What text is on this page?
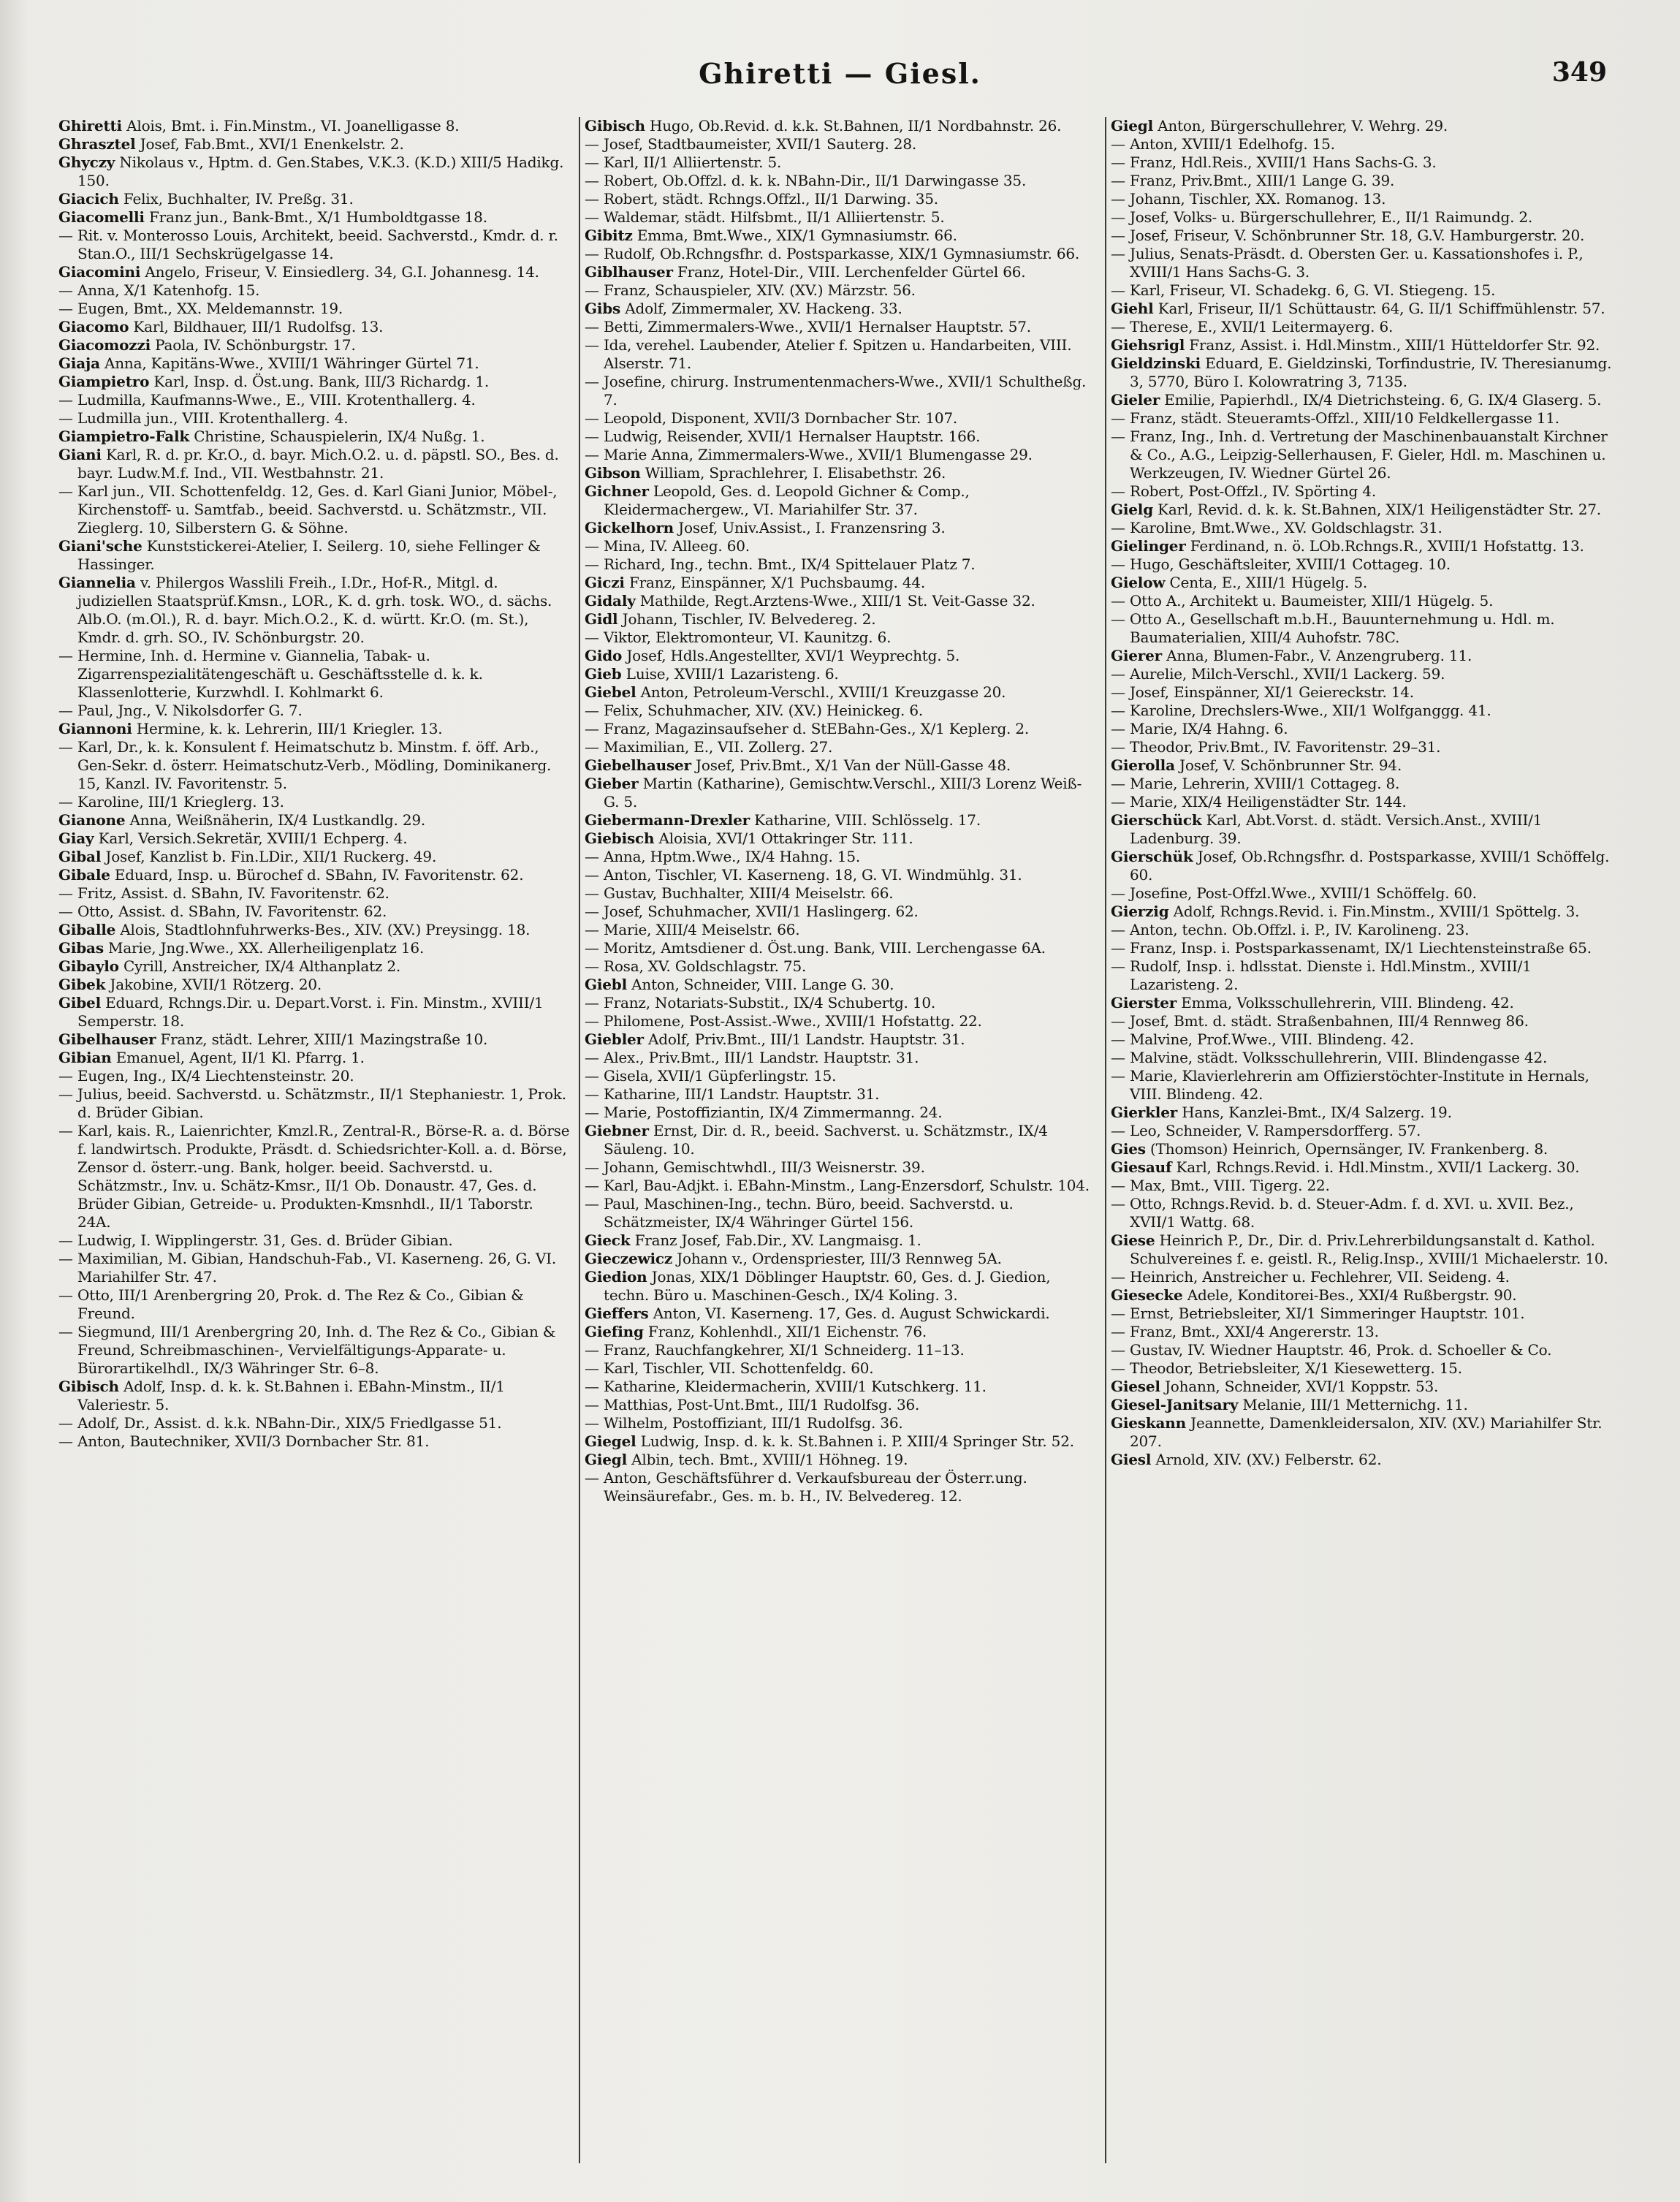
Ghiretti — Giesl.	349
Ghiretti Alois, Bmt. i. Fin.Minstm., VI. Joanelligasse 8.
Ghrasztel Josef, Fab.Bmt., XVI/1 Enenkelstr. 2.
Ghyczy Nikolaus v., Hptm. d. Gen.Stabes, V.K.3. (K.D.) XIII/5 Hadikg. 150.
Giacich Felix, Buchhalter, IV. Preßg. 31.
Giacomelli Franz jun., Bank-Bmt., X/1 Humboldtgasse 18.
— Rit. v. Monterosso Louis, Architekt, beeid. Sachverstd., Kmdr. d. r. Stan.O., III/1 Sechskrügelgasse 14.
Giacomini Angelo, Friseur, V. Einsiedlerg. 34, G.I. Johannesg. 14.
— Anna, X/1 Katenhofg. 15.
— Eugen, Bmt., XX. Meldemannstr. 19.
Giacomo Karl, Bildhauer, III/1 Rudolfsg. 13.
Giacomozzi Paola, IV. Schönburgstr. 17.
Giaja Anna, Kapitäns-Wwe., XVIII/1 Währinger Gürtel 71.
Giampietro Karl, Insp. d. Öst.ung. Bank, III/3 Richardg. 1.
— Ludmilla, Kaufmanns-Wwe., E., VIII. Krotenthallerg. 4.
— Ludmilla jun., VIII. Krotenthallerg. 4.
Giampietro-Falk Christine, Schauspielerin, IX/4 Nußg. 1.
Giani Karl, R. d. pr. Kr.O., d. bayr. Mich.O.2. u. d. päpstl. SO., Bes. d. bayr. Ludw.M.f. Ind., VII. Westbahnstr. 21.
— Karl jun., VII. Schottenfeldg. 12, Ges. d. Karl Giani Junior, Möbel-, Kirchenstoff- u. Samtfab., beeid. Sachverstd. u. Schätzmstr., VII. Zieglerg. 10, Silberstern G. & Söhne.
Giani'sche Kunststickerei-Atelier, I. Seilerg. 10, siehe Fellinger & Hassinger.
Giannelia v. Philergos Wasslili Freih., I.Dr., Hof-R., Mitgl. d. judiziellen Staatsprüf.Kmsn., LOR., K. d. grh. tosk. WO., d. sächs. Alb.O. (m.Ol.), R. d. bayr. Mich.O.2., K. d. württ. Kr.O. (m. St.), Kmdr. d. grh. SO., IV. Schönburgstr. 20.
— Hermine, Inh. d. Hermine v. Giannelia, Tabak- u. Zigarrenspezialitätengeschäft u. Geschäftsstelle d. k. k. Klassenlotterie, Kurzwhdl. I. Kohlmarkt 6.
— Paul, Jng., V. Nikolsdorfer G. 7.
Giannoni Hermine, k. k. Lehrerin, III/1 Kriegler. 13.
— Karl, Dr., k. k. Konsulent f. Heimatschutz b. Minstm. f. öff. Arb., Gen-Sekr. d. österr. Heimatschutz-Verb., Mödling, Dominikanerg. 15, Kanzl. IV. Favoritenstr. 5.
— Karoline, III/1 Krieglerg. 13.
Gianone Anna, Weißnäherin, IX/4 Lustkandlg. 29.
Giay Karl, Versich.Sekretär, XVIII/1 Echperg. 4.
Gibal Josef, Kanzlist b. Fin.LDir., XII/1 Ruckerg. 49.
Gibale Eduard, Insp. u. Bürochef d. SBahn, IV. Favoritenstr. 62.
— Fritz, Assist. d. SBahn, IV. Favoritenstr. 62.
— Otto, Assist. d. SBahn, IV. Favoritenstr. 62.
Giballe Alois, Stadtlohnfuhrwerks-Bes., XIV. (XV.) Preysingg. 18.
Gibas Marie, Jng.Wwe., XX. Allerheiligenplatz 16.
Gibaylo Cyrill, Anstreicher, IX/4 Althanplatz 2.
Gibek Jakobine, XVII/1 Rötzerg. 20.
Gibel Eduard, Rchngs.Dir. u. Depart.Vorst. i. Fin. Minstm., XVIII/1 Semperstr. 18.
Gibelhauser Franz, städt. Lehrer, XIII/1 Mazingstraße 10.
Gibian Emanuel, Agent, II/1 Kl. Pfarrg. 1.
— Eugen, Ing., IX/4 Liechtensteinstr. 20.
— Julius, beeid. Sachverstd. u. Schätzmstr., II/1 Stephaniestr. 1, Prok. d. Brüder Gibian.
— Karl, kais. R., Laienrichter, Kmzl.R., Zentral-R., Börse-R. a. d. Börse f. landwirtsch. Produkte, Präsdt. d. Schiedsrichter-Koll. a. d. Börse, Zensor d. österr.-ung. Bank, holger. beeid. Sachverstd. u. Schätzmstr., Inv. u. Schätz-Kmsr., II/1 Ob. Donaustr. 47, Ges. d. Brüder Gibian, Getreide- u. Produkten-Kmsnhdl., II/1 Taborstr. 24A.
— Ludwig, I. Wipplingerstr. 31, Ges. d. Brüder Gibian.
— Maximilian, M. Gibian, Handschuh-Fab., VI. Kaserneng. 26, G. VI. Mariahilfer Str. 47.
— Otto, III/1 Arenbergring 20, Prok. d. The Rez & Co., Gibian & Freund.
— Siegmund, III/1 Arenbergring 20, Inh. d. The Rez & Co., Gibian & Freund, Schreibmaschinen-, Vervielfältigungs-Apparate- u. Bürorartikelhdl., IX/3 Währinger Str. 6–8.
Gibisch Adolf, Insp. d. k. k. St.Bahnen i. EBahn-Minstm., II/1 Valeriestr. 5.
— Adolf, Dr., Assist. d. k.k. NBahn-Dir., XIX/5 Friedlgasse 51.
— Anton, Bautechniker, XVII/3 Dornbacher Str. 81.
Gibisch Hugo, Ob.Revid. d. k.k. St.Bahnen, II/1 Nordbahnstr. 26.
— Josef, Stadtbaumeister, XVII/1 Sauterg. 28.
— Karl, II/1 Alliiertenstr. 5.
— Robert, Ob.Offzl. d. k. k. NBahn-Dir., II/1 Darwingasse 35.
— Robert, städt. Rchngs.Offzl., II/1 Darwing. 35.
— Waldemar, städt. Hilfsbmt., II/1 Alliiertenstr. 5.
Gibitz Emma, Bmt.Wwe., XIX/1 Gymnasiumstr. 66.
— Rudolf, Ob.Rchngsfhr. d. Postsparkasse, XIX/1 Gymnasiumstr. 66.
Giblhauser Franz, Hotel-Dir., VIII. Lerchenfelder Gürtel 66.
— Franz, Schauspieler, XIV. (XV.) Märzstr. 56.
Gibs Adolf, Zimmermaler, XV. Hackeng. 33.
— Betti, Zimmermalers-Wwe., XVII/1 Hernalser Hauptstr. 57.
— Ida, verehel. Laubender, Atelier f. Spitzen u. Handarbeiten, VIII. Alserstr. 71.
— Josefine, chirurg. Instrumentenmachers-Wwe., XVII/1 Schultheßg. 7.
— Leopold, Disponent, XVII/3 Dornbacher Str. 107.
— Ludwig, Reisender, XVII/1 Hernalser Hauptstr. 166.
— Marie Anna, Zimmermalers-Wwe., XVII/1 Blumengasse 29.
Gibson William, Sprachlehrer, I. Elisabethstr. 26.
Gichner Leopold, Ges. d. Leopold Gichner & Comp., Kleidermachergew., VI. Mariahilfer Str. 37.
Gickelhorn Josef, Univ.Assist., I. Franzensring 3.
— Mina, IV. Alleeg. 60.
— Richard, Ing., techn. Bmt., IX/4 Spittelauer Platz 7.
Giczi Franz, Einspänner, X/1 Puchsbaumg. 44.
Gidaly Mathilde, Regt.Arztens-Wwe., XIII/1 St. Veit-Gasse 32.
Gidl Johann, Tischler, IV. Belvedereg. 2.
— Viktor, Elektromonteur, VI. Kaunitzg. 6.
Gido Josef, Hdls.Angestellter, XVI/1 Weyprechtg. 5.
Gieb Luise, XVIII/1 Lazaristeng. 6.
Giebel Anton, Petroleum-Verschl., XVIII/1 Kreuzgasse 20.
— Felix, Schuhmacher, XIV. (XV.) Heinickeg. 6.
— Franz, Magazinsaufseher d. StEBahn-Ges., X/1 Keplerg. 2.
— Maximilian, E., VII. Zollerg. 27.
Giebelhauser Josef, Priv.Bmt., X/1 Van der Nüll-Gasse 48.
Gieber Martin (Katharine), Gemischtw.Verschl., XIII/3 Lorenz Weiß-G. 5.
Giebermann-Drexler Katharine, VIII. Schlösselg. 17.
Giebisch Aloisia, XVI/1 Ottakringer Str. 111.
— Anna, Hptm.Wwe., IX/4 Hahng. 15.
— Anton, Tischler, VI. Kaserneng. 18, G. VI. Windmühlg. 31.
— Gustav, Buchhalter, XIII/4 Meiselstr. 66.
— Josef, Schuhmacher, XVII/1 Haslingerg. 62.
— Marie, XIII/4 Meiselstr. 66.
— Moritz, Amtsdiener d. Öst.ung. Bank, VIII. Lerchengasse 6A.
— Rosa, XV. Goldschlagstr. 75.
Giebl Anton, Schneider, VIII. Lange G. 30.
— Franz, Notariats-Substit., IX/4 Schubertg. 10.
— Philomene, Post-Assist.-Wwe., XVIII/1 Hofstattg. 22.
Giebler Adolf, Priv.Bmt., III/1 Landstr. Hauptstr. 31.
— Alex., Priv.Bmt., III/1 Landstr. Hauptstr. 31.
— Gisela, XVII/1 Güpferlingstr. 15.
— Katharine, III/1 Landstr. Hauptstr. 31.
— Marie, Postoffiziantin, IX/4 Zimmermanng. 24.
Giebner Ernst, Dir. d. R., beeid. Sachverst. u. Schätzmstr., IX/4 Säuleng. 10.
— Johann, Gemischtwhdl., III/3 Weisnerstr. 39.
— Karl, Bau-Adjkt. i. EBahn-Minstm., Lang-Enzersdorf, Schulstr. 104.
— Paul, Maschinen-Ing., techn. Büro, beeid. Sachverstd. u. Schätzmeister, IX/4 Währinger Gürtel 156.
Gieck Franz Josef, Fab.Dir., XV. Langmaisg. 1.
Gieczewicz Johann v., Ordenspriester, III/3 Rennweg 5A.
Giedion Jonas, XIX/1 Döblinger Hauptstr. 60, Ges. d. J. Giedion, techn. Büro u. Maschinen-Gesch., IX/4 Koling. 3.
Gieffers Anton, VI. Kaserneng. 17, Ges. d. August Schwickardi.
Giefing Franz, Kohlenhdl., XII/1 Eichenstr. 76.
— Franz, Rauchfangkehrer, XI/1 Schneiderg. 11–13.
— Karl, Tischler, VII. Schottenfeldg. 60.
— Katharine, Kleidermacherin, XVIII/1 Kutschkerg. 11.
— Matthias, Post-Unt.Bmt., III/1 Rudolfsg. 36.
— Wilhelm, Postoffiziant, III/1 Rudolfsg. 36.
Giegel Ludwig, Insp. d. k. k. St.Bahnen i. P. XIII/4 Springer Str. 52.
Giegl Albin, tech. Bmt., XVIII/1 Höhneg. 19.
— Anton, Geschäftsführer d. Verkaufsbureau der Österr.ung. Weinsäurefabr., Ges. m. b. H., IV. Belvedereg. 12.
Giegl Anton, Bürgerschullehrer, V. Wehrg. 29.
— Anton, XVIII/1 Edelhofg. 15.
— Franz, Hdl.Reis., XVIII/1 Hans Sachs-G. 3.
— Franz, Priv.Bmt., XIII/1 Lange G. 39.
— Johann, Tischler, XX. Romanog. 13.
— Josef, Volks- u. Bürgerschullehrer, E., II/1 Raimundg. 2.
— Josef, Friseur, V. Schönbrunner Str. 18, G.V. Hamburgerstr. 20.
— Julius, Senats-Präsdt. d. Obersten Ger. u. Kassationshofes i. P., XVIII/1 Hans Sachs-G. 3.
— Karl, Friseur, VI. Schadekg. 6, G. VI. Stiegeng. 15.
Giehl Karl, Friseur, II/1 Schüttaustr. 64, G. II/1 Schiffmühlenstr. 57.
— Therese, E., XVII/1 Leitermayerg. 6.
Giehsrigl Franz, Assist. i. Hdl.Minstm., XIII/1 Hütteldorfer Str. 92.
Gieldzinski Eduard, E. Gieldzinski, Torfindustrie, IV. Theresianumg. 3, 5770, Büro I. Kolowratring 3, 7135.
Gieler Emilie, Papierhdl., IX/4 Dietrichsteing. 6, G. IX/4 Glaserg. 5.
— Franz, städt. Steueramts-Offzl., XIII/10 Feldkellergasse 11.
— Franz, Ing., Inh. d. Vertretung der Maschinenbauanstalt Kirchner & Co., A.G., Leipzig-Sellerhausen, F. Gieler, Hdl. m. Maschinen u. Werkzeugen, IV. Wiedner Gürtel 26.
— Robert, Post-Offzl., IV. Spörting 4.
Gielg Karl, Revid. d. k. k. St.Bahnen, XIX/1 Heiligenstädter Str. 27.
— Karoline, Bmt.Wwe., XV. Goldschlagstr. 31.
Gielinger Ferdinand, n. ö. LOb.Rchngs.R., XVIII/1 Hofstattg. 13.
— Hugo, Geschäftsleiter, XVIII/1 Cottageg. 10.
Gielow Centa, E., XIII/1 Hügelg. 5.
— Otto A., Architekt u. Baumeister, XIII/1 Hügelg. 5.
— Otto A., Gesellschaft m.b.H., Bauunternehmung u. Hdl. m. Baumaterialien, XIII/4 Auhofstr. 78C.
Gierer Anna, Blumen-Fabr., V. Anzengruberg. 11.
— Aurelie, Milch-Verschl., XVII/1 Lackerg. 59.
— Josef, Einspänner, XI/1 Geiereckstr. 14.
— Karoline, Drechslers-Wwe., XII/1 Wolfganggg. 41.
— Marie, IX/4 Hahng. 6.
— Theodor, Priv.Bmt., IV. Favoritenstr. 29–31.
Gierolla Josef, V. Schönbrunner Str. 94.
— Marie, Lehrerin, XVIII/1 Cottageg. 8.
— Marie, XIX/4 Heiligenstädter Str. 144.
Gierschück Karl, Abt.Vorst. d. städt. Versich.Anst., XVIII/1 Ladenburg. 39.
Gierschük Josef, Ob.Rchngsfhr. d. Postsparkasse, XVIII/1 Schöffelg. 60.
— Josefine, Post-Offzl.Wwe., XVIII/1 Schöffelg. 60.
Gierzig Adolf, Rchngs.Revid. i. Fin.Minstm., XVIII/1 Spöttelg. 3.
— Anton, techn. Ob.Offzl. i. P., IV. Karolineng. 23.
— Franz, Insp. i. Postsparkassenamt, IX/1 Liechtensteinstraße 65.
— Rudolf, Insp. i. hdlsstat. Dienste i. Hdl.Minstm., XVIII/1 Lazaristeng. 2.
Gierster Emma, Volksschullehrerin, VIII. Blindeng. 42.
— Josef, Bmt. d. städt. Straßenbahnen, III/4 Rennweg 86.
— Malvine, Prof.Wwe., VIII. Blindeng. 42.
— Malvine, städt. Volksschullehrerin, VIII. Blindengasse 42.
— Marie, Klavierlehrerin am Offizierstöchter-Institute in Hernals, VIII. Blindeng. 42.
Gierkler Hans, Kanzlei-Bmt., IX/4 Salzerg. 19.
— Leo, Schneider, V. Rampersdorfferg. 57.
Gies (Thomson) Heinrich, Opernsänger, IV. Frankenberg. 8.
Giesauf Karl, Rchngs.Revid. i. Hdl.Minstm., XVII/1 Lackerg. 30.
— Max, Bmt., VIII. Tigerg. 22.
— Otto, Rchngs.Revid. b. d. Steuer-Adm. f. d. XVI. u. XVII. Bez., XVII/1 Wattg. 68.
Giese Heinrich P., Dr., Dir. d. Priv.Lehrerbildungsanstalt d. Kathol. Schulvereines f. e. geistl. R., Relig.Insp., XVIII/1 Michaelerstr. 10.
— Heinrich, Anstreicher u. Fechlehrer, VII. Seideng. 4.
Giesecke Adele, Konditorei-Bes., XXI/4 Rußbergstr. 90.
— Ernst, Betriebsleiter, XI/1 Simmeringer Hauptstr. 101.
— Franz, Bmt., XXI/4 Angererstr. 13.
— Gustav, IV. Wiedner Hauptstr. 46, Prok. d. Schoeller & Co.
— Theodor, Betriebsleiter, X/1 Kiesewetterg. 15.
Giesel Johann, Schneider, XVI/1 Koppstr. 53.
Giesel-Janitsary Melanie, III/1 Metternichg. 11.
Gieskann Jeannette, Damenkleidersalon, XIV. (XV.) Mariahilfer Str. 207.
Giesl Arnold, XIV. (XV.) Felberstr. 62.
